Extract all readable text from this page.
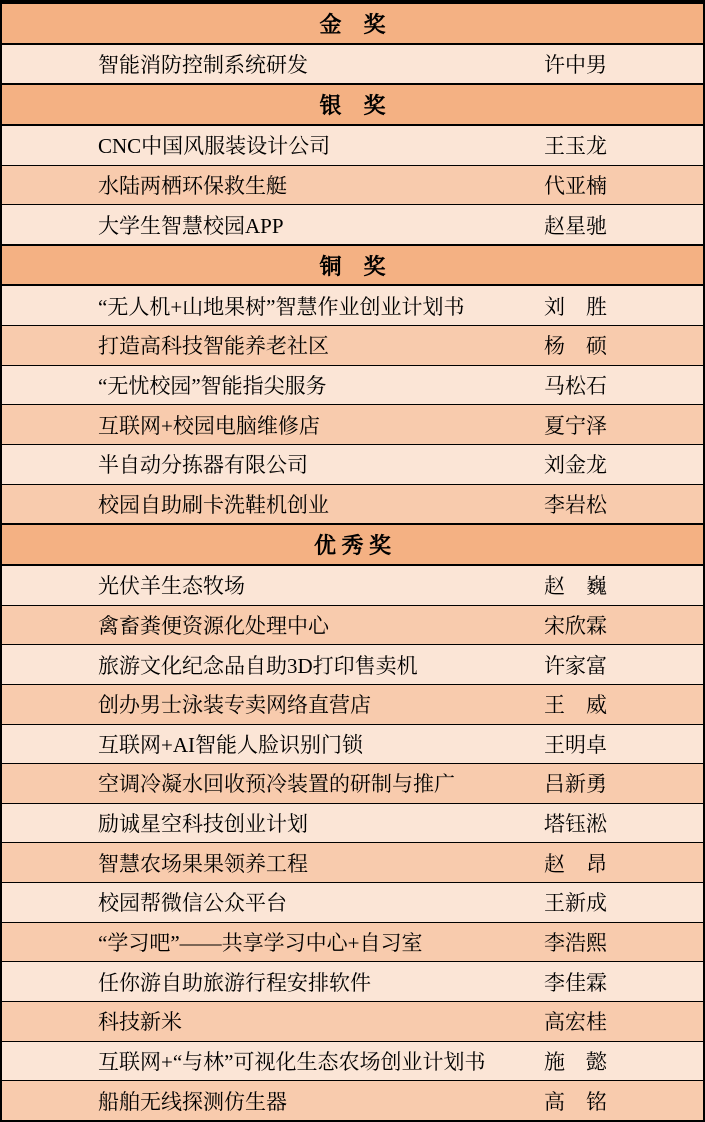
金　奖
智能消防控制系统研发	许中男
银　奖
CNC中国风服装设计公司	王玉龙
水陆两栖环保救生艇	代亚楠
大学生智慧校园APP	赵星驰
铜　奖
“无人机+山地果树”智慧作业创业计划书	刘　胜
打造高科技智能养老社区	杨　硕
“无忧校园”智能指尖服务	马松石
互联网+校园电脑维修店	夏宁泽
半自动分拣器有限公司	刘金龙
校园自助刷卡洗鞋机创业	李岩松
优 秀 奖
光伏羊生态牧场	赵　巍
禽畜粪便资源化处理中心	宋欣霖
旅游文化纪念品自助3D打印售卖机	许家富
创办男士泳装专卖网络直营店	王　威
互联网+AI智能人脸识别门锁	王明卓
空调冷凝水回收预冷装置的研制与推广	吕新勇
励诚星空科技创业计划	塔钰淞
智慧农场果果领养工程	赵　昂
校园帮微信公众平台	王新成
“学习吧”——共享学习中心+自习室	李浩熙
任你游自助旅游行程安排软件	李佳霖
科技新米	高宏桂
互联网+“与林”可视化生态农场创业计划书	施　懿
船舶无线探测仿生器	高　铭
